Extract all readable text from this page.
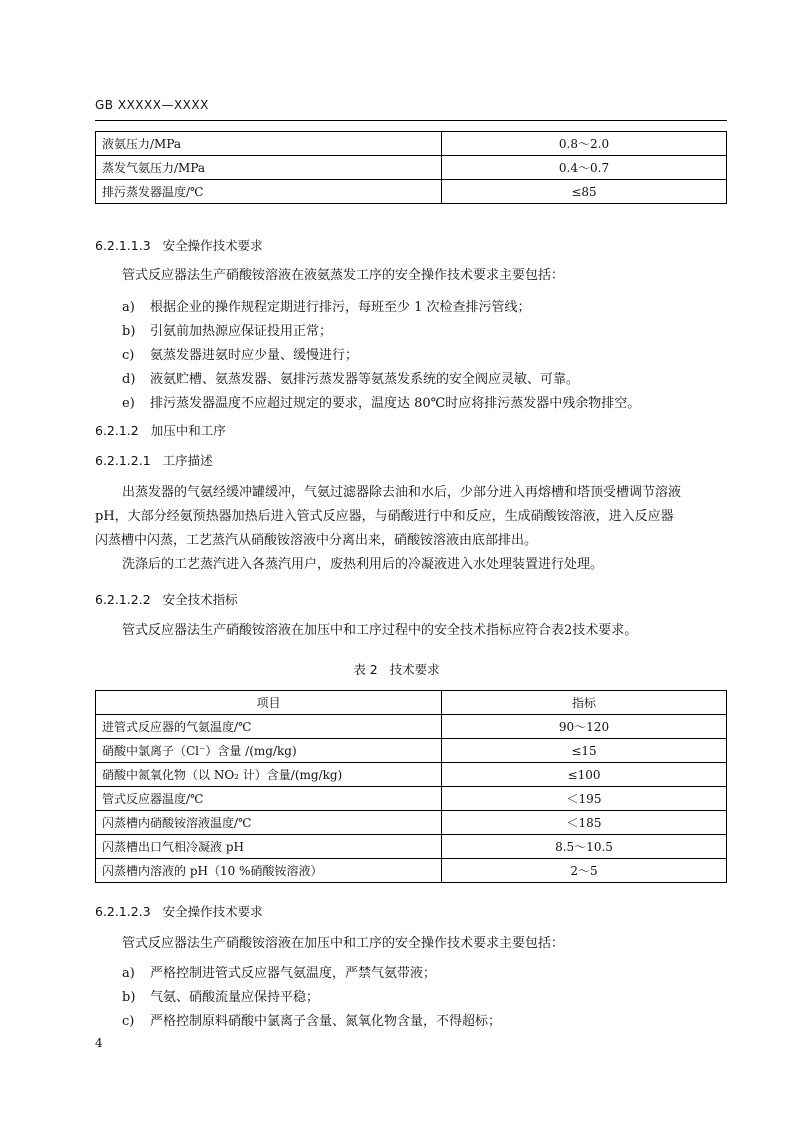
GB XXXXX—XXXX
液氨压力/MPa	0.8～2.0
蒸发气氨压力/MPa	0.4～0.7
排污蒸发器温度/℃	≤85
6.2.1.1.3 安全操作技术要求
管式反应器法生产硝酸铵溶液在液氨蒸发工序的安全操作技术要求主要包括：
a) 根据企业的操作规程定期进行排污，每班至少 1 次检查排污管线；
b) 引氨前加热源应保证投用正常；
c) 氨蒸发器进氨时应少量、缓慢进行；
d) 液氨贮槽、氨蒸发器、氨排污蒸发器等氨蒸发系统的安全阀应灵敏、可靠。
e) 排污蒸发器温度不应超过规定的要求，温度达 80℃时应将排污蒸发器中残余物排空。
6.2.1.2 加压中和工序
6.2.1.2.1 工序描述
出蒸发器的气氨经缓冲罐缓冲，气氨过滤器除去油和水后，少部分进入再熔槽和塔顶受槽调节溶液
pH，大部分经氨预热器加热后进入管式反应器，与硝酸进行中和反应，生成硝酸铵溶液，进入反应器
闪蒸槽中闪蒸，工艺蒸汽从硝酸铵溶液中分离出来，硝酸铵溶液由底部排出。
洗涤后的工艺蒸汽进入各蒸汽用户，废热利用后的冷凝液进入水处理装置进行处理。
6.2.1.2.2 安全技术指标
管式反应器法生产硝酸铵溶液在加压中和工序过程中的安全技术指标应符合表2技术要求。
表 2 技术要求
项目	指标
进管式反应器的气氨温度/℃	90～120
硝酸中氯离子（Cl⁻）含量 /(mg/kg)	≤15
硝酸中氮氧化物（以 NO₂ 计）含量/(mg/kg)	≤100
管式反应器温度/℃	＜195
闪蒸槽内硝酸铵溶液温度/℃	＜185
闪蒸槽出口气相冷凝液 pH	8.5～10.5
闪蒸槽内溶液的 pH（10 %硝酸铵溶液）	2～5
6.2.1.2.3 安全操作技术要求
管式反应器法生产硝酸铵溶液在加压中和工序的安全操作技术要求主要包括：
a) 严格控制进管式反应器气氨温度，严禁气氨带液；
b) 气氨、硝酸流量应保持平稳；
c) 严格控制原料硝酸中氯离子含量、氮氧化物含量，不得超标；
4
